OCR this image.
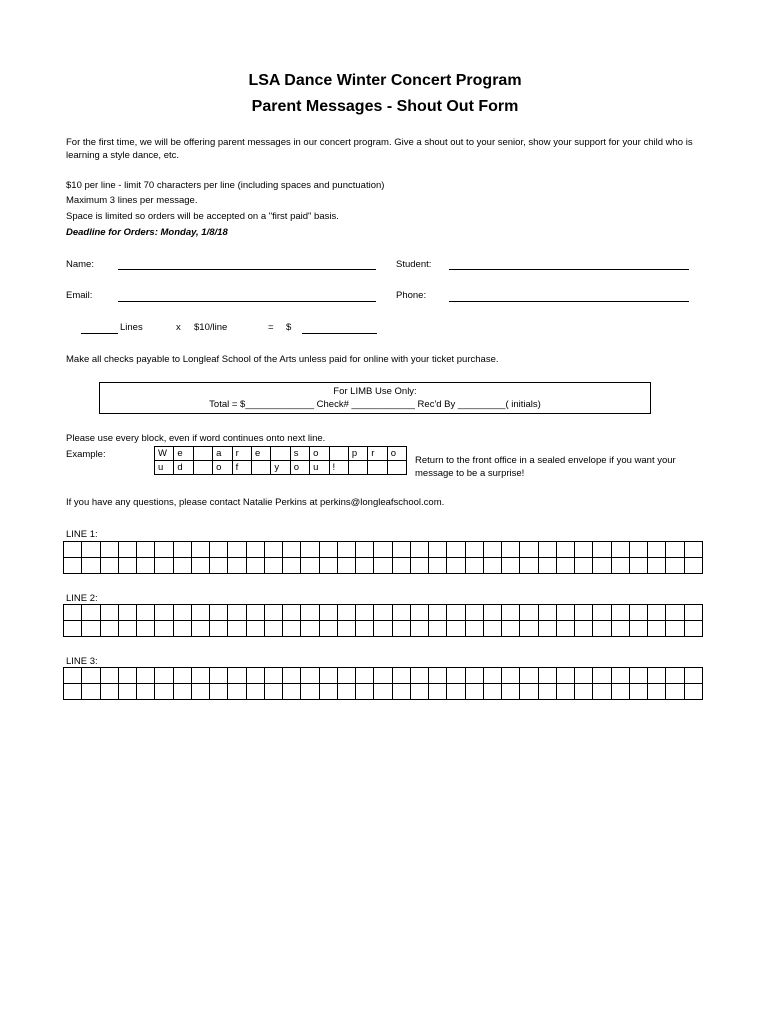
LSA Dance Winter Concert Program
Parent Messages - Shout Out Form
For the first time, we will be offering parent messages in our concert program. Give a shout out to your senior, show your support for your child who is learning a style dance, etc.
$10 per line - limit 70 characters per line (including spaces and punctuation)
Maximum 3 lines per message.
Space is limited so orders will be accepted on a "first paid" basis.
Deadline for Orders: Monday, 1/8/18
Name:	Student:
Email:	Phone:
Lines	x $10/line	= $
Make all checks payable to Longleaf School of the Arts unless paid for online with your ticket purchase.
For LIMB Use Only:
Total = $_____________ Check# ____________ Rec'd By _________( initials)
Please use every block, even if word continues onto next line.
Example:	W	e		a	r	e		s	o		p	r	o
u	d		o	f		y	o	u	!			
Return to the front office in a sealed envelope if you want your message to be a surprise!
If you have any questions, please contact Natalie Perkins at perkins@longleafschool.com.
LINE 1:

LINE 2:

LINE 3:
